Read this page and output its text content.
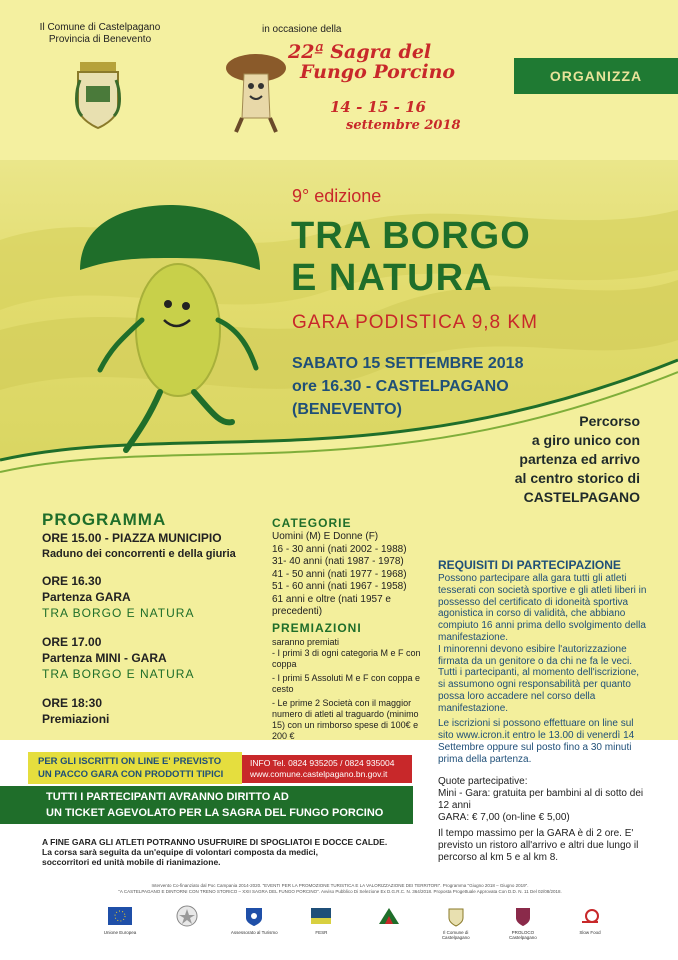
Il Comune di Castelpagano
Provincia di Benevento
in occasione della
22ª Sagra del
Fungo Porcino
14 - 15 - 16
settembre 2018
ORGANIZZA
9° edizione
TRA BORGO
E NATURA
GARA PODISTICA 9,8 KM
SABATO 15 SETTEMBRE 2018
ore 16.30 - CASTELPAGANO
(BENEVENTO)
Percorso
a giro unico con
partenza ed arrivo
al centro storico di
CASTELPAGANO
PROGRAMMA
ORE 15.00 - PIAZZA MUNICIPIO
Raduno dei concorrenti e della giuria
ORE 16.30
Partenza GARA
TRA BORGO E NATURA
ORE 17.00
Partenza MINI - GARA
TRA BORGO E NATURA
ORE 18:30
Premiazioni
CATEGORIE
Uomini (M) E Donne (F)
16 - 30 anni (nati 2002 - 1988)
31- 40 anni (nati 1987 - 1978)
41 - 50 anni (nati 1977 - 1968)
51 - 60 anni (nati 1967 - 1958)
61 anni e oltre (nati 1957 e
precedenti)
PREMIAZIONI
saranno premiati
- I primi 3 di ogni categoria M e F con coppa
- I primi 5 Assoluti M e F con coppa e cesto
- Le prime 2 Società con il maggior numero di atleti al traguardo (minimo 15) con un rimborso spese di 100€ e 200 €
REQUISITI DI PARTECIPAZIONE
Possono partecipare alla gara tutti gli atleti tesserati con società sportive e gli atleti liberi in possesso del certificato di idoneità sportiva agonistica in corso di validità, che abbiano compiuto 16 anni prima dello svolgimento della manifestazione.
I minorenni devono esibire l'autorizzazione firmata da un genitore o da chi ne fa le veci.
Tutti i partecipanti, al momento dell'iscrizione, si assumono ogni responsabilità per quanto possa loro accadere nel corso della manifestazione.
Le iscrizioni si possono effettuare on line sul sito www.icron.it entro le 13.00 di venerdì 14 Settembre oppure sul posto fino a 30 minuti prima della partenza.
Quote partecipative:
Mini - Gara: gratuita per bambini al di sotto dei 12 anni
GARA: € 7,00 (on-line € 5,00)
Il tempo massimo per la GARA è di 2 ore. E' previsto un ristoro all'arrivo e altri due lungo il percorso al km 5 e al km 8.
PER GLI ISCRITTI ON LINE E' PREVISTO
UN PACCO GARA CON PRODOTTI TIPICI
INFO Tel. 0824 935205 / 0824 935004
www.comune.castelpagano.bn.gov.it
TUTTI I PARTECIPANTI AVRANNO DIRITTO AD
UN TICKET AGEVOLATO PER LA SAGRA DEL FUNGO PORCINO
A FINE GARA GLI ATLETI POTRANNO USUFRUIRE DI SPOGLIATOI E DOCCE CALDE.
La corsa sarà seguita da un'equipe di volontari composta da medici,
soccorritori ed unità mobile di rianimazione.
Intervento Co-finanziato dal Poc Campania 2014-2020. "EVENTI PER LA PROMOZIONE TURISTICA E LA VALORIZZAZIONE DEI TERRITORI". Programma "Giugno 2018 – Giugno 2019".
"A CASTELPAGANO E DINTORNI CON TRENO STORICO – XXII SAGRA DEL FUNGO PORCINO". Avviso Pubblico Di Selezione Ex D.G.R.C. N. 364/2018. Proposta Progettuale Approvata Con D.D. N. 11 Del 02/08/2018.
Unione Europea	Assessorato al Turismo	FESR	Il Comune di Castelpagano
PROLOCO Castelpagano
Slow Food
